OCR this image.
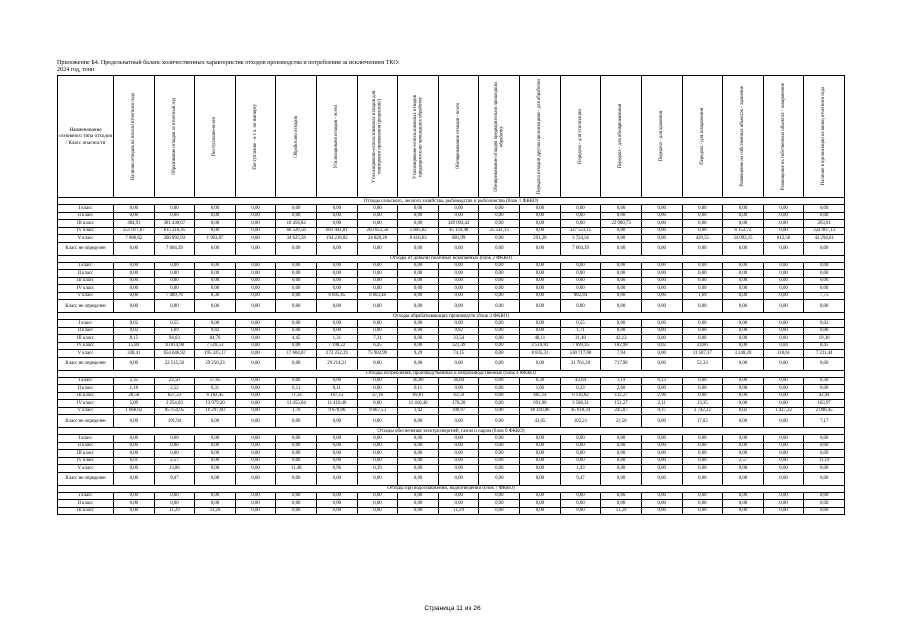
Приложение Б4. Предельнатный баланс количественных характеристик отходов производства и потребления за исключением ТКО:
2024 год, тонн
Наименование основного типа отходов / Класс опасности	Наличие отходов на начало отчетного года	Образование отходов за отчетный год	Поступление-всего	Поступление - в т.ч. по импорту	Обработано отходов	Утилизировано отходов - всего	Утилизировано-использованных отходов для повторного применения (рециклинг)	Утилизировано-использованных отходов предварительно прошедших обработку	Обезвреживание отходов - всего	Обезвреживание отходов предварительно прошедших обработку	Передача отходов другим организациям - для обработки	Передача - для утилизации	Передача - для обезвреживания	Передача - для хранения	Передача - для захоронения	Размещение на собственных объектах - хранение	Размещение на собственных объектах - захоронение	Наличие в организации на конец отчетного года

Отходы сельского, лесного хозяйства, рыбоводства и рыболовства (блок 1 ФККО)																		
I класс	0,00	0,00	0,00	0,00	0,00	0,00	0,00	0,00	0,00	0,00	0,00	0,00	0,00	0,00	0,00	0,00	0,00	0,00
II класс	0,00	0,00	0,00	0,00	0,00	0,00	0,00	0,00	0,00	0,00	0,00	0,00	0,00	0,00	0,00	0,00	0,00	0,00
III класс	384,91	381 430,67	0,00	0,00	10 456,82	0,00	0,00	0,00	349 094,42	0,00	0,00	0,00	22 000,73	0,00	0,00	0,00	0,00	263,61
IV класс	251 017,07	815 216,45	0,00	0,00	66 526,56	601 441,81	203 051,56	5 805,82	45 159,48	25 541,15	0,00	327 553,15	0,00	0,00	0,00	6 152,72	0,00	224 967,13
V класс	7 686,62	266 992,93	1 963,87	0,00	34 625,58	194 218,82	24 020,28	6 416,83	881,99	0,00	291,20	3 724,56	0,00	0,00	429,55	34 092,15	812,58	43 294,61
Класс не определен	0,00	7 604,39	0,00	0,00	0,00	0,00	0,00	0,00	0,00	0,00	0,00	7 604,39	0,00	0,00	0,00	0,00	0,00	0,00
Отходы от добычи полезных ископаемых (блок 2 ФККО)																		
I класс	0,00	0,00	0,00	0,00	0,00	0,00	0,00	0,00	0,00	0,00	0,00	0,00	0,00	0,00	0,00	0,00	0,00	0,00
II класс	0,00	0,00	0,00	0,00	0,00	0,00	0,00	0,00	0,00	0,00	0,00	0,00	0,00	0,00	0,00	0,00	0,00	0,00
III класс	0,00	0,00	0,00	0,00	0,00	0,00	0,00	0,00	0,00	0,00	0,00	0,00	0,00	0,00	0,00	0,00	0,00	0,00
IV класс	0,00	0,00	0,00	0,00	0,00	0,00	0,00	0,00	0,00	0,00	0,00	0,00	0,00	0,00	0,00	0,00	0,00	0,00
V класс	0,00	7 489,76	8,36	0,00	0,00	6 605,85	6 603,48	0,00	0,00	0,00	0,00	882,84	0,00	0,00	1,69	0,00	0,00	7,75
Класс не определен	0,00	0,00	0,00	0,00	0,00	0,00	0,00	0,00	0,00	0,00	0,00	0,00	0,00	0,00	0,00	0,00	0,00	0,00
Отходы обрабатывающих производств (блок 3 ФККО)																		
I класс	0,02	0,55	0,00	0,00	0,00	0,00	0,00	0,00	0,00	0,00	0,00	0,55	0,00	0,00	0,00	0,00	0,00	0,02
II класс	0,02	1,69	9,82	0,00	0,00	0,00	0,00	0,00	9,82	0,00	0,00	1,71	0,00	0,00	0,00	0,00	0,00	0,00
III класс	8,15	94,03	84,70	0,00	4,45	1,31	7,31	0,00	33,54	0,00	48,11	31,40	42,13	0,00	0,00	0,00	0,00	19,36
IV класс	15,84	10 014,98	7 518,53	0,00	0,00	7 198,22	6,45	0,00	321,49	0,00	2 518,83	7 699,35	182,98	0,02	24,66	0,00	0,84	8,45
V класс	338,41	654 646,92	195 325,17	0,00	17 604,67	272 252,19	75 902,99	9,29	74,15	0,00	8 835,31	530 717,60	7,94	0,00	11 507,37	3 248,39	118,61	7 211,44
Класс не определен	0,00	22 515,50	29 250,23	0,00	0,00	29 214,21	0,00	0,00	0,00	0,00	0,00	21 761,20	717,98	0,00	52,33	0,00	0,00	0,00
Отходы потребления, производственные и непроизводственные (блок 4 ФККО)																		
I класс	2,35	22,50	57,65	0,00	0,00	0,00	0,00	36,86	36,84	0,00	0,38	43,64	1,19	0,13	0,00	0,00	0,00	0,30
II класс	1,18	2,52	6,31	0,00	6,11	0,11	0,00	0,11	0,00	0,00	1,66	0,23	2,60	0,00	0,00	0,00	0,00	0,00
III класс	20,58	627,23	6 182,45	0,00	71,34	167,12	37,16	69,81	43,59	0,00	405,14	6 116,82	112,27	2,96	0,00	0,00	0,00	42,94
IV класс	5,09	2 254,03	13 979,20	0,00	11 455,64	11 416,40	0,00	11 416,40	176,28	0,00	691,90	3 586,31	151,27	2,11	13,35	0,00	0,00	163,97
V класс	1 666,62	85 154,95	16 297,60	0,00	1,70	9 670,06	9 667,53	1,42	396,97	0,00	40 410,06	45 618,34	245,07	0,37	2 742,32	0,02	1 427,22	2 098,45
Класс не определен	0,00	191,94	0,00	0,00	0,00	0,00	0,00	0,00	0,00	0,00	43,05	102,21	22,50	0,00	17,02	0,00	0,00	7,17
Отходы обеспечения электроэнергией, газом и паром (блок 6 ФККО)																		
I класс	0,00	0,00	0,00	0,00	0,00	0,00	0,00	0,00	0,00	0,00	0,00	0,00	0,00	0,00	0,00	0,00	0,00	0,00
II класс	0,00	0,00	0,00	0,00	0,00	0,00	0,00	0,00	0,00	0,00	0,00	0,00	0,00	0,00	0,00	0,00	0,00	0,00
III класс	0,00	0,00	0,00	0,00	0,00	0,00	0,00	0,00	0,00	0,00	0,00	0,00	0,00	0,00	0,00	0,00	0,00	0,00
IV класс	8,61	2,57	0,00	0,00	0,00	0,00	0,00	0,00	0,00	0,00	0,00	0,00	0,00	0,00	0,00	2,57	0,00	11,19
V класс	0,00	13,86	0,00	0,00	11,48	0,96	0,19	0,00	0,00	0,00	0,00	1,43	0,00	0,00	0,00	0,00	0,00	0,00
Класс не определен	0,00	9,47	0,00	0,00	0,00	0,00	0,00	0,00	0,00	0,00	0,00	9,47	0,00	0,00	0,00	0,00	0,00	0,00
Отходы при водоснабжении, водоотведении (блок 7 ФККО)																		
I класс	0,00	0,00	0,00	0,00	0,00	0,00	0,00	0,00	0,00	0,00	0,00	0,00	0,00	0,00	0,00	0,00	0,00	0,00
II класс	0,00	0,00	0,00	0,00	0,00	0,00	0,00	0,00	0,00	0,00	0,00	0,00	0,00	0,00	0,00	0,00	0,00	0,00
III класс	0,00	11,29	11,29	0,00	0,00	0,00	0,00	0,00	11,29	0,00	0,00	0,00	11,29	0,00	0,00	0,00	0,00	0,00
Страница 11 из 26
